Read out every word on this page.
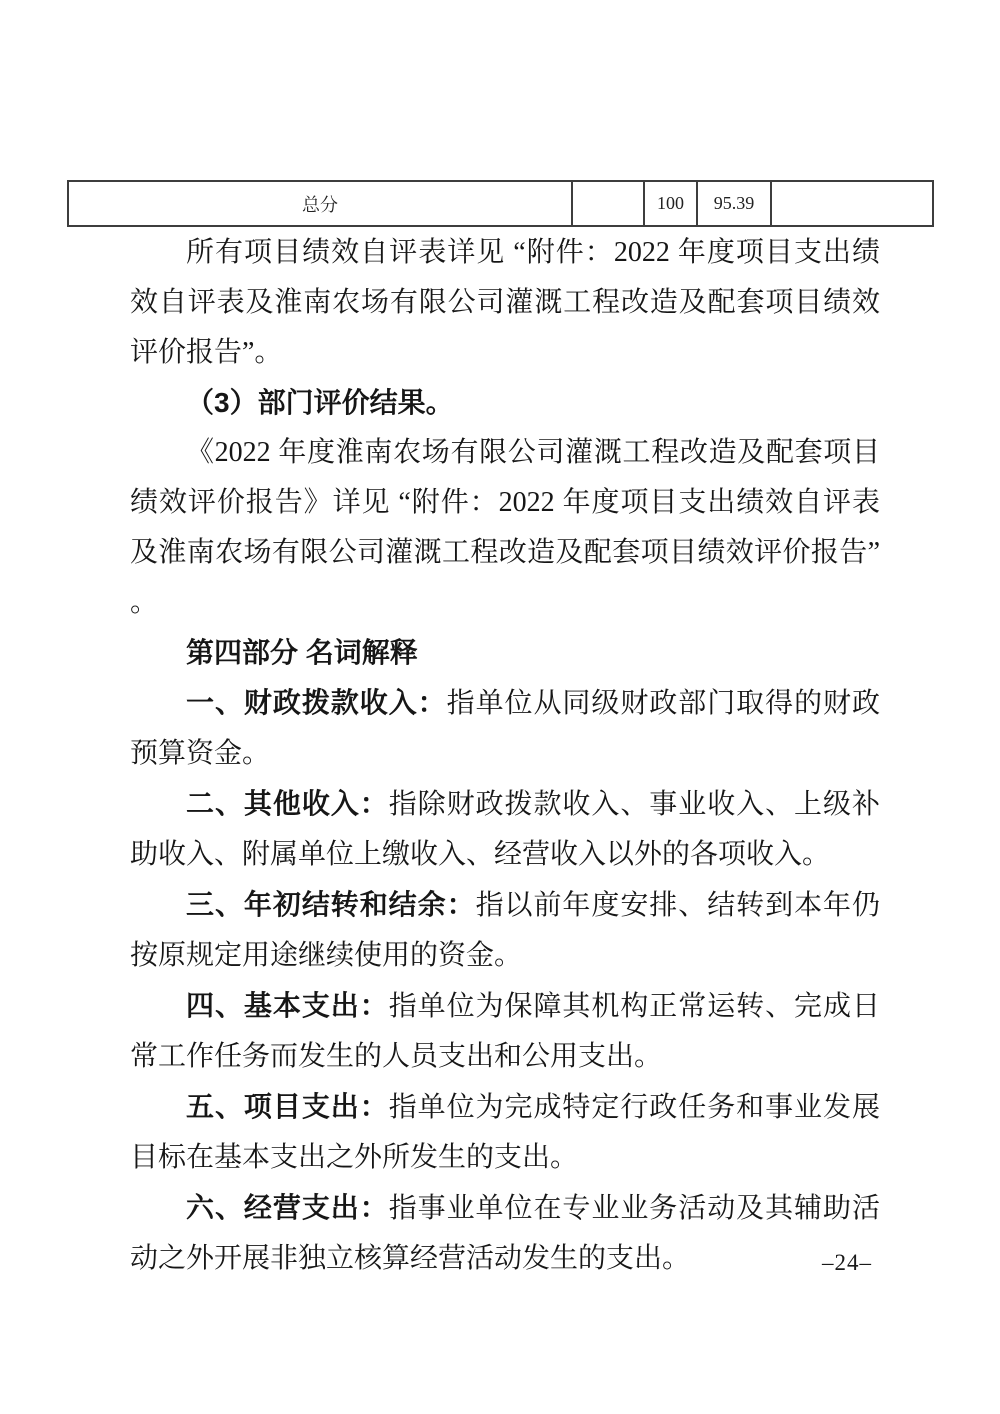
总分		100	95.39	

所有项目绩效自评表详见 “附件：2022 年度项目支出绩效自评表及淮南农场有限公司灌溉工程改造及配套项目绩效评价报告”。

（3）部门评价结果。

《2022 年度淮南农场有限公司灌溉工程改造及配套项目绩效评价报告》详见 “附件：2022 年度项目支出绩效自评表及淮南农场有限公司灌溉工程改造及配套项目绩效评价报告” 。

第四部分 名词解释

一、财政拨款收入：指单位从同级财政部门取得的财政预算资金。

二、其他收入：指除财政拨款收入、事业收入、上级补助收入、附属单位上缴收入、经营收入以外的各项收入。

三、年初结转和结余：指以前年度安排、结转到本年仍按原规定用途继续使用的资金。

四、基本支出：指单位为保障其机构正常运转、完成日常工作任务而发生的人员支出和公用支出。

五、项目支出：指单位为完成特定行政任务和事业发展目标在基本支出之外所发生的支出。

六、经营支出：指事业单位在专业业务活动及其辅助活动之外开展非独立核算经营活动发生的支出。	–24–
